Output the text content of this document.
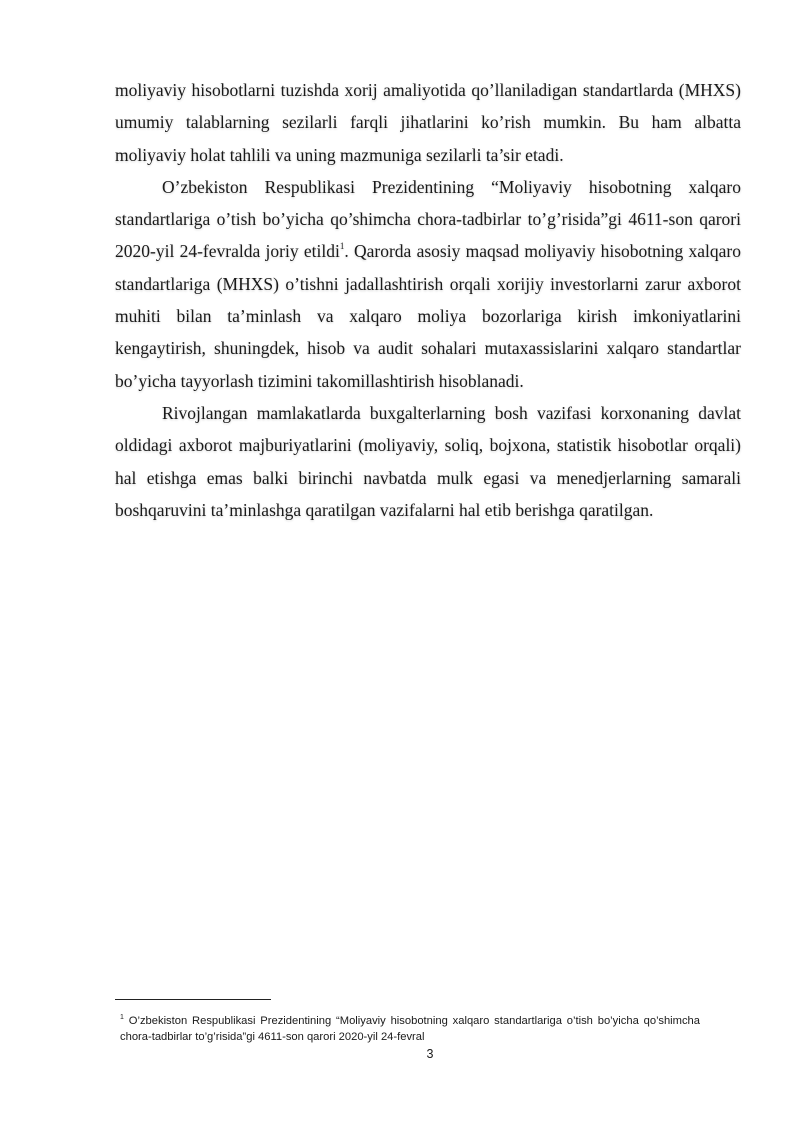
moliyaviy hisobotlarni tuzishda xorij amaliyotida qo’llaniladigan standartlarda (MHXS) umumiy talablarning sezilarli farqli jihatlarini ko’rish mumkin. Bu ham albatta moliyaviy holat tahlili va uning mazmuniga sezilarli ta’sir etadi.

O’zbekiston Respublikasi Prezidentining “Moliyaviy hisobotning xalqaro standartlariga o’tish bo’yicha qo’shimcha chora-tadbirlar to’g’risida”gi 4611-son qarori 2020-yil 24-fevralda joriy etildi$^1$. Qarorda asosiy maqsad moliyaviy hisobotning xalqaro standartlariga (MHXS) o’tishni jadallashtirish orqali xorijiy investorlarni zarur axborot muhiti bilan ta’minlash va xalqaro moliya bozorlariga kirish imkoniyatlarini kengaytirish, shuningdek, hisob va audit sohalari mutaxassislarini xalqaro standartlar bo’yicha tayyorlash tizimini takomillashtirish hisoblanadi.

Rivojlangan mamlakatlarda buxgalterlarning bosh vazifasi korxonaning davlat oldidagi axborot majburiyatlarini (moliyaviy, soliq, bojxona, statistik hisobotlar orqali) hal etishga emas balki birinchi navbatda mulk egasi va menedjerlarning samarali boshqaruvini ta’minlashga qaratilgan vazifalarni hal etib berishga qaratilgan.

$^1$ O’zbekiston Respublikasi Prezidentining “Moliyaviy hisobotning xalqaro standartlariga o’tish bo’yicha qo’shimcha chora-tadbirlar to’g’risida”gi 4611-son qarori 2020-yil 24-fevral
3
